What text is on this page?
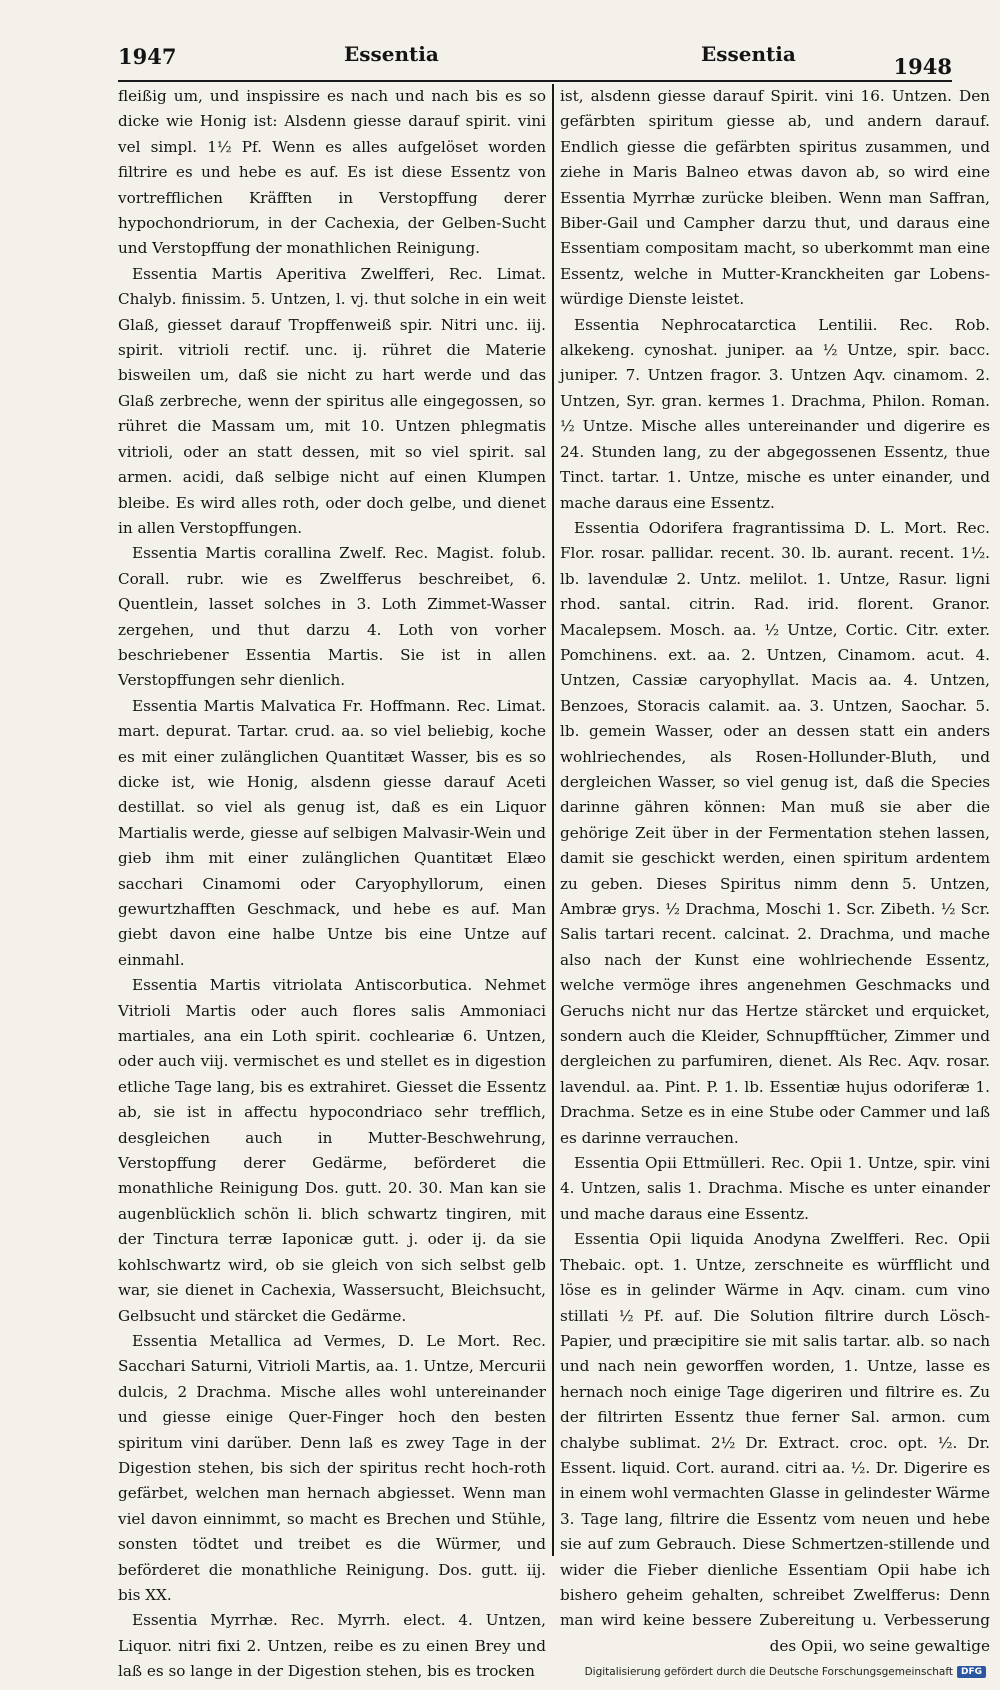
1947	Essentia	Essentia	1948

fleißig um, und inspissire es nach und nach bis es so dicke wie Honig ist: Alsdenn giesse darauf spirit. vini vel simpl. 1½ Pf. Wenn es alles aufgelöset worden filtrire es und hebe es auf. Es ist diese Essentz von vortrefflichen Kräfften in Verstopffung derer hypochondriorum, in der Cachexia, der Gelben-Sucht und Verstopffung der monathlichen Reinigung.

Essentia Martis Aperitiva Zwelfferi, Rec. Limat. Chalyb. finissim. 5. Untzen, l. vj. thut solche in ein weit Glaß, giesset darauf Tropffenweiß spir. Nitri unc. iij. spirit. vitrioli rectif. unc. ij. rühret die Materie bisweilen um, daß sie nicht zu hart werde und das Glaß zerbreche, wenn der spiritus alle eingegossen, so rühret die Massam um, mit 10. Untzen phlegmatis vitrioli, oder an statt dessen, mit so viel spirit. sal armen. acidi, daß selbige nicht auf einen Klumpen bleibe. Es wird alles roth, oder doch gelbe, und dienet in allen Verstopffungen.

Essentia Martis corallina Zwelf. Rec. Magist. folub. Corall. rubr. wie es Zwelfferus beschreibet, 6. Quentlein, lasset solches in 3. Loth Zimmet-Wasser zergehen, und thut darzu 4. Loth von vorher beschriebener Essentia Martis. Sie ist in allen Verstopffungen sehr dienlich.

Essentia Martis Malvatica Fr. Hoffmann. Rec. Limat. mart. depurat. Tartar. crud. aa. so viel beliebig, koche es mit einer zulänglichen Quantitæt Wasser, bis es so dicke ist, wie Honig, alsdenn giesse darauf Aceti destillat. so viel als genug ist, daß es ein Liquor Martialis werde, giesse auf selbigen Malvasir-Wein und gieb ihm mit einer zulänglichen Quantitæt Elæo sacchari Cinamomi oder Caryophyllorum, einen gewurtzhafften Geschmack, und hebe es auf. Man giebt davon eine halbe Untze bis eine Untze auf einmahl.

Essentia Martis vitriolata Antiscorbutica. Nehmet Vitrioli Martis oder auch flores salis Ammoniaci martiales, ana ein Loth spirit. cochleariæ 6. Untzen, oder auch viij. vermischet es und stellet es in digestion etliche Tage lang, bis es extrahiret. Giesset die Essentz ab, sie ist in affectu hypocondriaco sehr trefflich, desgleichen auch in Mutter-Beschwehrung, Verstopffung derer Gedärme, beförderet die monathliche Reinigung Dos. gutt. 20. 30. Man kan sie augenblücklich schön li. blich schwartz tingiren, mit der Tinctura terræ Iaponicæ gutt. j. oder ij. da sie kohlschwartz wird, ob sie gleich von sich selbst gelb war, sie dienet in Cachexia, Wassersucht, Bleichsucht, Gelbsucht und stärcket die Gedärme.

Essentia Metallica ad Vermes, D. Le Mort. Rec. Sacchari Saturni, Vitrioli Martis, aa. 1. Untze, Mercurii dulcis, 2 Drachma. Mische alles wohl untereinander und giesse einige Quer-Finger hoch den besten spiritum vini darüber. Denn laß es zwey Tage in der Digestion stehen, bis sich der spiritus recht hoch-roth gefärbet, welchen man hernach abgiesset. Wenn man viel davon einnimmt, so macht es Brechen und Stühle, sonsten tödtet und treibet es die Würmer, und beförderet die monathliche Reinigung. Dos. gutt. iij. bis XX.

Essentia Myrrhæ. Rec. Myrrh. elect. 4. Untzen, Liquor. nitri fixi 2. Untzen, reibe es zu einen Brey und laß es so lange in der Digestion stehen, bis es trocken

ist, alsdenn giesse darauf Spirit. vini 16. Untzen. Den gefärbten spiritum giesse ab, und andern darauf. Endlich giesse die gefärbten spiritus zusammen, und ziehe in Maris Balneo etwas davon ab, so wird eine Essentia Myrrhæ zurücke bleiben. Wenn man Saffran, Biber-Gail und Campher darzu thut, und daraus eine Essentiam compositam macht, so uberkommt man eine Essentz, welche in Mutter-Kranckheiten gar Lobens-würdige Dienste leistet.

Essentia Nephrocatarctica Lentilii. Rec. Rob. alkekeng. cynoshat. juniper. aa ½ Untze, spir. bacc. juniper. 7. Untzen fragor. 3. Untzen Aqv. cinamom. 2. Untzen, Syr. gran. kermes 1. Drachma, Philon. Roman. ½ Untze. Mische alles untereinander und digerire es 24. Stunden lang, zu der abgegossenen Essentz, thue Tinct. tartar. 1. Untze, mische es unter einander, und mache daraus eine Essentz.

Essentia Odorifera fragrantissima D. L. Mort. Rec. Flor. rosar. pallidar. recent. 30. lb. aurant. recent. 1½. lb. lavendulæ 2. Untz. melilot. 1. Untze, Rasur. ligni rhod. santal. citrin. Rad. irid. florent. Granor. Macalepsem. Mosch. aa. ½ Untze, Cortic. Citr. exter. Pomchinens. ext. aa. 2. Untzen, Cinamom. acut. 4. Untzen, Cassiæ caryophyllat. Macis aa. 4. Untzen, Benzoes, Storacis calamit. aa. 3. Untzen, Saochar. 5. lb. gemein Wasser, oder an dessen statt ein anders wohlriechendes, als Rosen-Hollunder-Bluth, und dergleichen Wasser, so viel genug ist, daß die Species darinne gähren können: Man muß sie aber die gehörige Zeit über in der Fermentation stehen lassen, damit sie geschickt werden, einen spiritum ardentem zu geben. Dieses Spiritus nimm denn 5. Untzen, Ambræ grys. ½ Drachma, Moschi 1. Scr. Zibeth. ½ Scr. Salis tartari recent. calcinat. 2. Drachma, und mache also nach der Kunst eine wohlriechende Essentz, welche vermöge ihres angenehmen Geschmacks und Geruchs nicht nur das Hertze stärcket und erquicket, sondern auch die Kleider, Schnupfftücher, Zimmer und dergleichen zu parfumiren, dienet. Als Rec. Aqv. rosar. lavendul. aa. Pint. P. 1. lb. Essentiæ hujus odoriferæ 1. Drachma. Setze es in eine Stube oder Cammer und laß es darinne verrauchen.

Essentia Opii Ettmülleri. Rec. Opii 1. Untze, spir. vini 4. Untzen, salis 1. Drachma. Mische es unter einander und mache daraus eine Essentz.

Essentia Opii liquida Anodyna Zwelfferi. Rec. Opii Thebaic. opt. 1. Untze, zerschneite es würfflicht und löse es in gelinder Wärme in Aqv. cinam. cum vino stillati ½ Pf. auf. Die Solution filtrire durch Lösch-Papier, und præcipitire sie mit salis tartar. alb. so nach und nach nein geworffen worden, 1. Untze, lasse es hernach noch einige Tage digeriren und filtrire es. Zu der filtrirten Essentz thue ferner Sal. armon. cum chalybe sublimat. 2½ Dr. Extract. croc. opt. ½. Dr. Essent. liquid. Cort. aurand. citri aa. ½. Dr. Digerire es in einem wohl vermachten Glasse in gelindester Wärme 3. Tage lang, filtrire die Essentz vom neuen und hebe sie auf zum Gebrauch. Diese Schmertzen-stillende und wider die Fieber dienliche Essentiam Opii habe ich bishero geheim gehalten, schreibet Zwelfferus: Denn man wird keine bessere Zubereitung u. Verbesserung des Opii, wo seine gewaltige

Digitalisierung gefördert durch die Deutsche Forschungsgemeinschaft DFG
